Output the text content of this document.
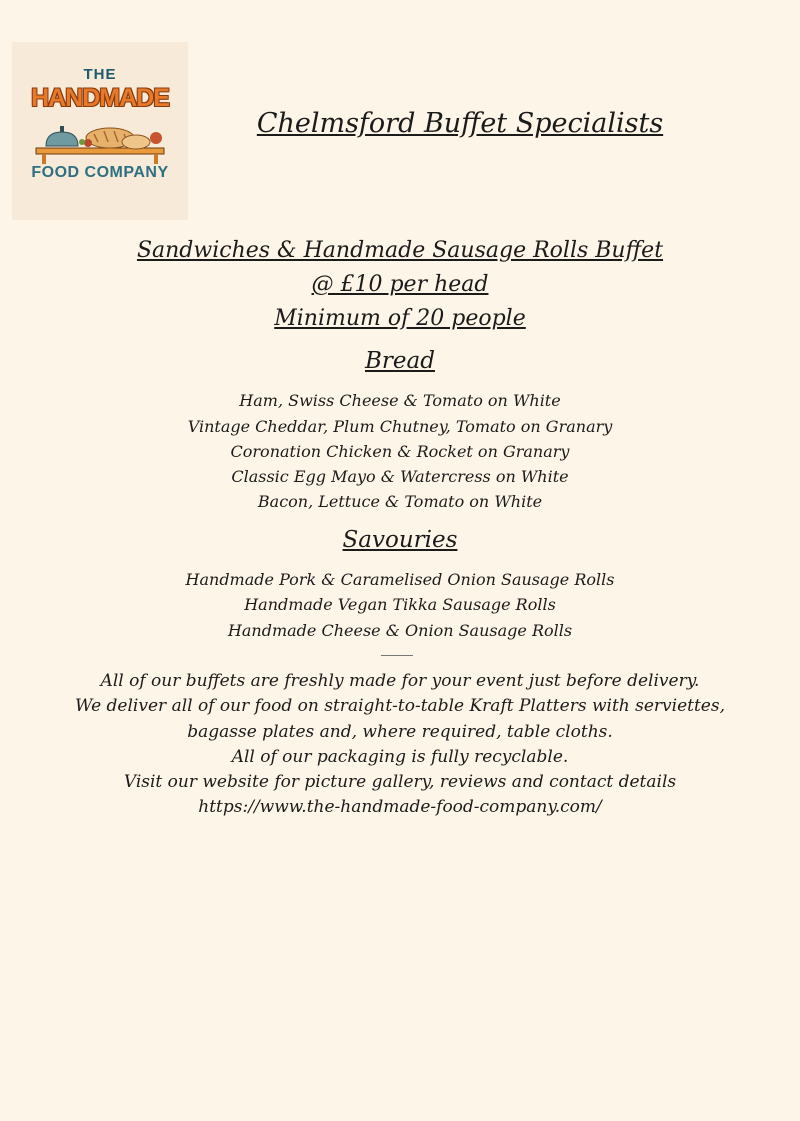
THE
HANDMADE
FOOD COMPANY
Chelmsford Buffet Specialists
Sandwiches & Handmade Sausage Rolls Buffet
@ £10 per head
Minimum of 20 people
Bread
Ham, Swiss Cheese & Tomato on White
Vintage Cheddar, Plum Chutney, Tomato on Granary
Coronation Chicken & Rocket on Granary
Classic Egg Mayo & Watercress on White
Bacon, Lettuce & Tomato on White
Savouries
Handmade Pork & Caramelised Onion Sausage Rolls
Handmade Vegan Tikka Sausage Rolls
Handmade Cheese & Onion Sausage Rolls
All of our buffets are freshly made for your event just before delivery.
We deliver all of our food on straight-to-table Kraft Platters with serviettes,
bagasse plates and, where required, table cloths.
All of our packaging is fully recyclable.
Visit our website for picture gallery, reviews and contact details
https://www.the-handmade-food-company.com/
